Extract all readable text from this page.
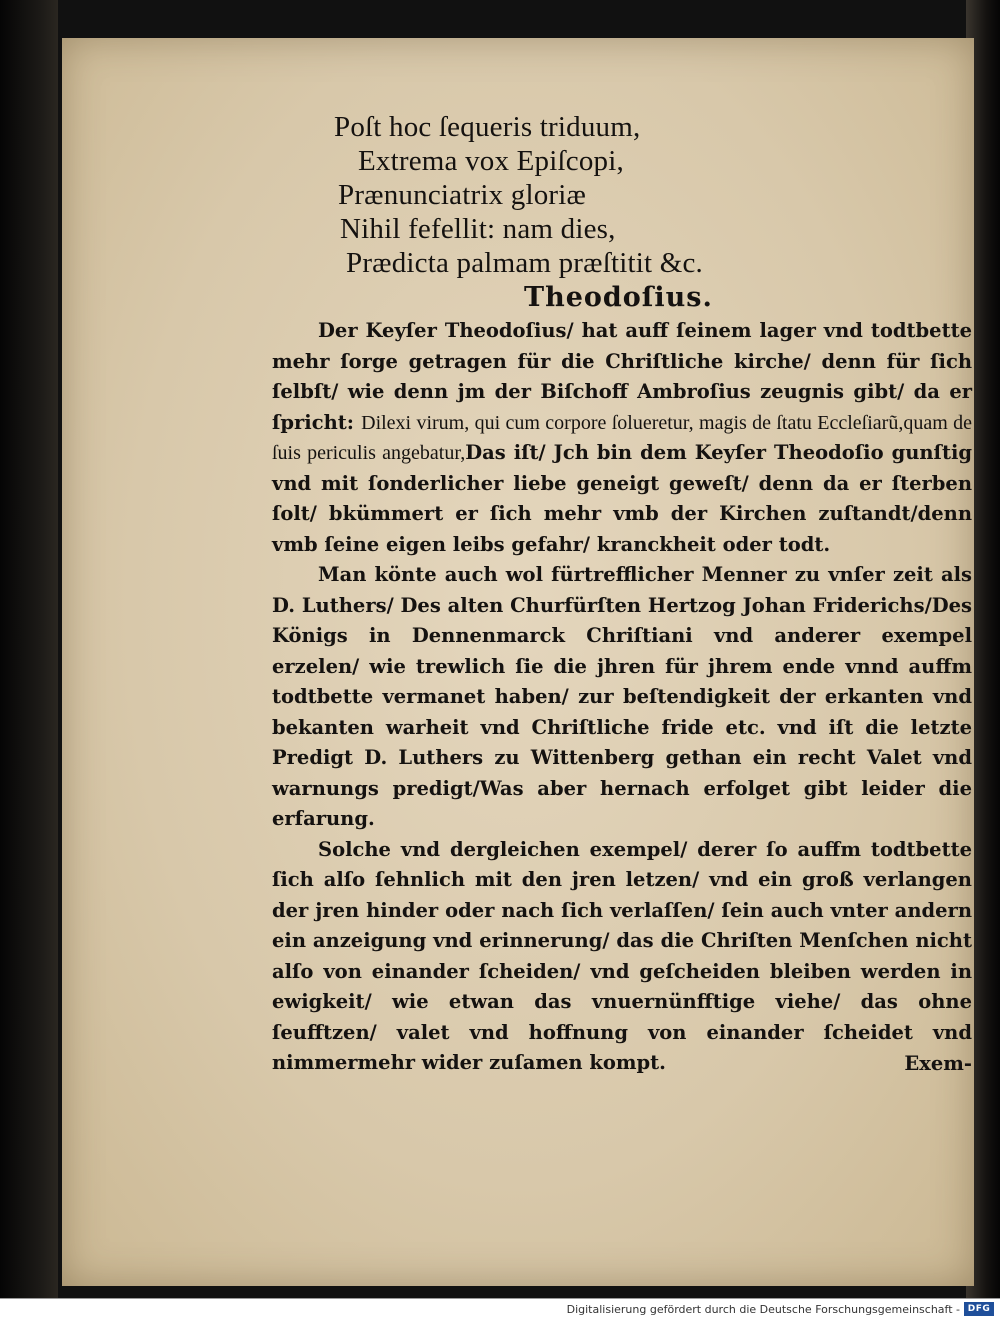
Poſt hoc ſequeris triduum,
Extrema vox Epiſcopi,
Prænunciatrix gloriæ
Nihil fefellit: nam dies,
Prædicta palmam præſtitit &c.
Theodoſius.

Der Keyſer Theodoſius/ hat auff ſeinem lager vnd todtbette mehr ſorge getragen für die Chriſtliche kirche/ denn für ſich ſelbſt/ wie denn jm der Biſchoff Ambroſius zeugnis gibt/ da er ſpricht: Dilexi virum, qui cum corpore ſolueretur, magis de ſtatu Eccleſiarũ,quam de ſuis periculis angebatur,Das iſt/ Jch bin dem Keyſer Theodoſio gunſtig vnd mit ſonderlicher liebe geneigt geweſt/ denn da er ſterben ſolt/ bkümmert er ſich mehr vmb der Kirchen zuſtandt/denn vmb ſeine eigen leibs gefahr/ kranckheit oder todt.

Man könte auch wol fürtrefflicher Menner zu vnſer zeit als D. Luthers/ Des alten Churfürſten Hertzog Johan Friderichs/Des Königs in Dennenmarck Chriſtiani vnd anderer exempel erzelen/ wie trewlich ſie die jhren für jhrem ende vnnd auffm todtbette vermanet haben/ zur beſtendigkeit der erkanten vnd bekanten warheit vnd Chriſtliche fride etc. vnd iſt die letzte Predigt D. Luthers zu Wittenberg gethan ein recht Valet vnd warnungs predigt/Was aber hernach erfolget gibt leider die erfarung.

Solche vnd dergleichen exempel/ derer ſo auffm todtbette ſich alſo ſehnlich mit den jren letzen/ vnd ein groß verlangen der jren hinder oder nach ſich verlaſſen/ ſein auch vnter andern ein anzeigung vnd erinnerung/ das die Chriſten Menſchen nicht alſo von einander ſcheiden/ vnd geſcheiden bleiben werden in ewigkeit/ wie etwan das vnuernünfftige viehe/ das ohne ſeufftzen/ valet vnd hoffnung von einander ſcheidet vnd nimmermehr wider zuſamen kompt.	Exem-
Digitalisierung gefördert durch die Deutsche Forschungsgemeinschaft - DFG
